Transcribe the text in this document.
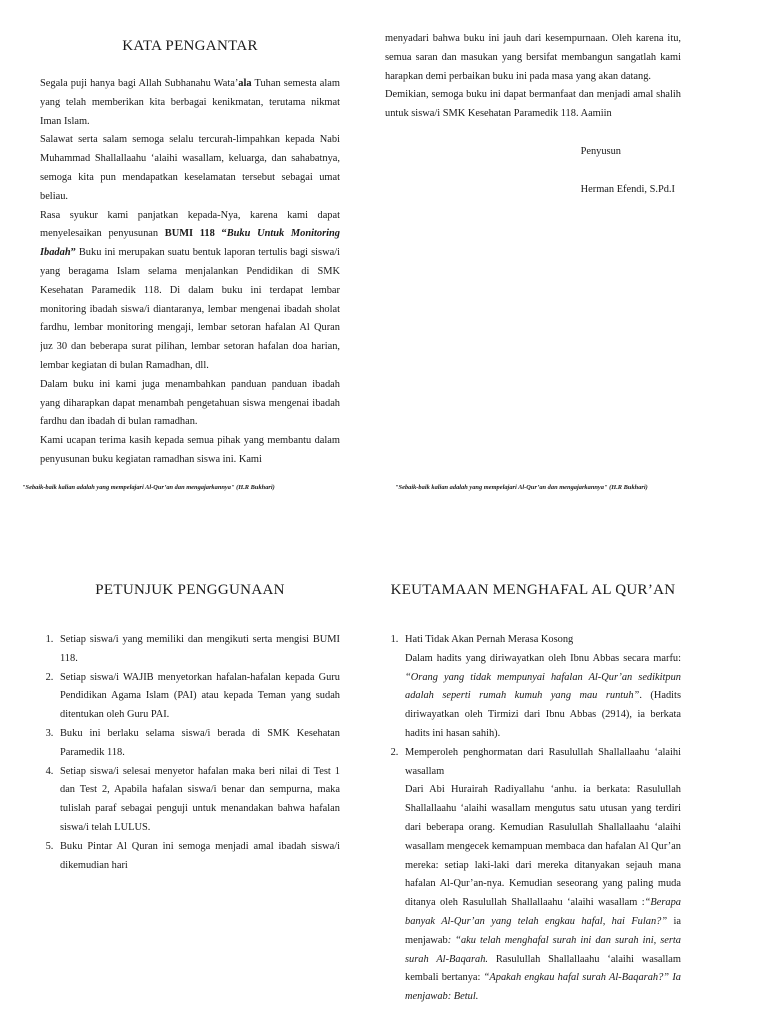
KATA PENGANTAR

Segala puji hanya bagi Allah Subhanahu Wata’ala Tuhan semesta alam yang telah memberikan kita berbagai kenikmatan, terutama nikmat Iman Islam.

Salawat serta salam semoga selalu tercurah-limpahkan kepada Nabi Muhammad Shallallaahu ‘alaihi wasallam, keluarga, dan sahabatnya, semoga kita pun mendapatkan keselamatan tersebut sebagai umat beliau.

Rasa syukur kami panjatkan kepada-Nya, karena kami dapat menyelesaikan penyusunan BUMI 118 “Buku Untuk Monitoring Ibadah” Buku ini merupakan suatu bentuk laporan tertulis bagi siswa/i yang beragama Islam selama menjalankan Pendidikan di SMK Kesehatan Paramedik 118. Di dalam buku ini terdapat lembar monitoring ibadah siswa/i diantaranya, lembar mengenai ibadah sholat fardhu, lembar monitoring mengaji, lembar setoran hafalan Al Quran juz 30 dan beberapa surat pilihan, lembar setoran hafalan doa harian, lembar kegiatan di bulan Ramadhan, dll.

Dalam buku ini kami juga menambahkan panduan panduan ibadah yang diharapkan dapat menambah pengetahuan siswa mengenai ibadah fardhu dan ibadah di bulan ramadhan.

Kami ucapan terima kasih kepada semua pihak yang membantu dalam penyusunan buku kegiatan ramadhan siswa ini. Kami

"Sebaik-baik kalian adalah yang mempelajari Al-Qur’an dan mengajarkannya" (H.R Bukhari)

menyadari bahwa buku ini jauh dari kesempurnaan. Oleh karena itu, semua saran dan masukan yang bersifat membangun sangatlah kami harapkan demi perbaikan buku ini pada masa yang akan datang.

Demikian, semoga buku ini dapat bermanfaat dan menjadi amal shalih untuk siswa/i SMK Kesehatan Paramedik 118. Aamiin

Penyusun
Herman Efendi, S.Pd.I
"Sebaik-baik kalian adalah yang mempelajari Al-Qur’an dan mengajarkannya" (H.R Bukhari)
PETUNJUK PENGGUNAAN
1. Setiap siswa/i yang memiliki dan mengikuti serta mengisi BUMI 118.
2. Setiap siswa/i WAJIB menyetorkan hafalan-hafalan kepada Guru Pendidikan Agama Islam (PAI) atau kepada Teman yang sudah ditentukan oleh Guru PAI.
3. Buku ini berlaku selama siswa/i berada di SMK Kesehatan Paramedik 118.
4. Setiap siswa/i selesai menyetor hafalan maka beri nilai di Test 1 dan Test 2, Apabila hafalan siswa/i benar dan sempurna, maka tulislah paraf sebagai penguji untuk menandakan bahwa hafalan siswa/i telah LULUS.
5. Buku Pintar Al Quran ini semoga menjadi amal ibadah siswa/i dikemudian hari
KEUTAMAAN MENGHAFAL AL QUR’AN
1. Hati Tidak Akan Pernah Merasa Kosong
Dalam hadits yang diriwayatkan oleh Ibnu Abbas secara marfu: “Orang yang tidak mempunyai hafalan Al-Qur’an sedikitpun adalah seperti rumah kumuh yang mau runtuh”. (Hadits diriwayatkan oleh Tirmizi dari Ibnu Abbas (2914), ia berkata hadits ini hasan sahih).
2. Memperoleh penghormatan dari Rasulullah Shallallaahu ‘alaihi wasallam
Dari Abi Hurairah Radiyallahu ‘anhu. ia berkata: Rasulullah Shallallaahu ‘alaihi wasallam mengutus satu utusan yang terdiri dari beberapa orang. Kemudian Rasulullah Shallallaahu ‘alaihi wasallam mengecek kemampuan membaca dan hafalan Al Qur’an mereka: setiap laki-laki dari mereka ditanyakan sejauh mana hafalan Al-Qur’an-nya. Kemudian seseorang yang paling muda ditanya oleh Rasulullah Shallallaahu ‘alaihi wasallam :“Berapa banyak Al-Qur’an yang telah engkau hafal, hai Fulan?” ia menjawab: “aku telah menghafal surah ini dan surah ini, serta surah Al-Baqarah. Rasulullah Shallallaahu ‘alaihi wasallam kembali bertanya: “Apakah engkau hafal surah Al-Baqarah?” Ia menjawab: Betul.
